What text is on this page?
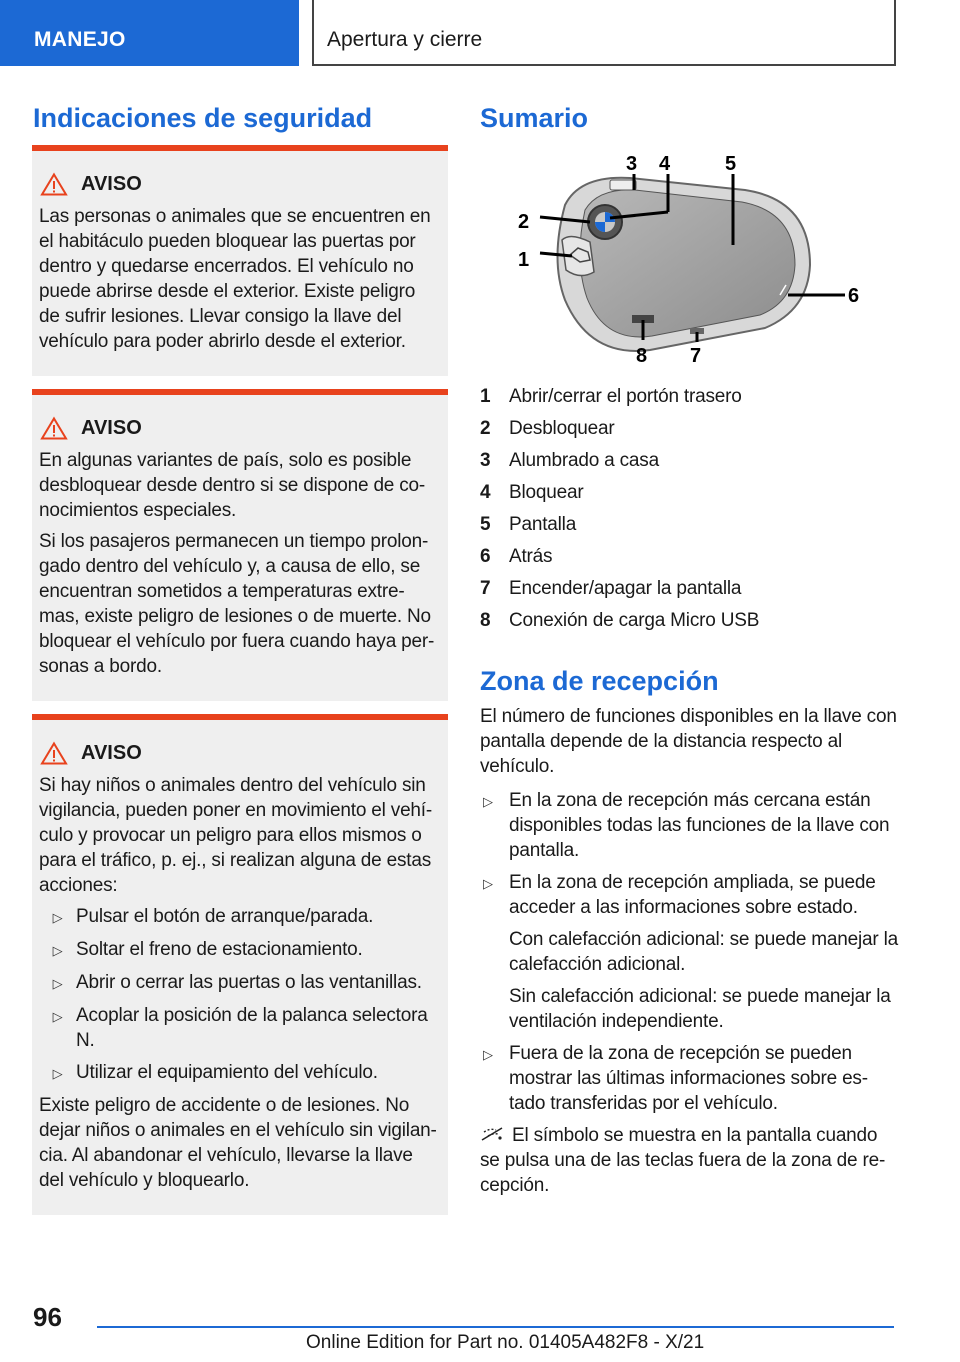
MANEJO	Apertura y cierre
Indicaciones de seguridad
AVISO

Las personas o animales que se encuentren en el habitáculo pueden bloquear las puertas por dentro y quedarse encerrados. El vehículo no puede abrirse desde el exterior. Existe peligro de sufrir lesiones. Llevar consigo la llave del vehículo para poder abrirlo desde el exterior.

AVISO

En algunas variantes de país, solo es posible desbloquear desde dentro si se dispone de co-nocimientos especiales.

Si los pasajeros permanecen un tiempo prolon-gado dentro del vehículo y, a causa de ello, se encuentran sometidos a temperaturas extre-mas, existe peligro de lesiones o de muerte. No bloquear el vehículo por fuera cuando haya per-sonas a bordo.

AVISO

Si hay niños o animales dentro del vehículo sin vigilancia, pueden poner en movimiento el vehí-culo y provocar un peligro para ellos mismos o para el tráfico, p. ej., si realizan alguna de estas acciones:

▷ Pulsar el botón de arranque/parada.
▷ Soltar el freno de estacionamiento.
▷ Abrir o cerrar las puertas o las ventanillas.
▷ Acoplar la posición de la palanca selectora N.
▷ Utilizar el equipamiento del vehículo.

Existe peligro de accidente o de lesiones. No dejar niños o animales en el vehículo sin vigilan-cia. Al abandonar el vehículo, llevarse la llave del vehículo y bloquearlo.

Sumario
1
2
3 4	5
6
7
8
1 Abrir/cerrar el portón trasero
2 Desbloquear
3 Alumbrado a casa
4 Bloquear
5 Pantalla
6 Atrás
7 Encender/apagar la pantalla
8 Conexión de carga Micro USB
Zona de recepción

El número de funciones disponibles en la llave con pantalla depende de la distancia respecto al vehículo.

▷ En la zona de recepción más cercana están disponibles todas las funciones de la llave con pantalla.
▷ En la zona de recepción ampliada, se puede acceder a las informaciones sobre estado.

Con calefacción adicional: se puede manejar la calefacción adicional.

Sin calefacción adicional: se puede manejar la ventilación independiente.

▷ Fuera de la zona de recepción se pueden mostrar las últimas informaciones sobre es-tado transferidas por el vehículo.

El símbolo se muestra en la pantalla cuando se pulsa una de las teclas fuera de la zona de re-cepción.

96
Online Edition for Part no. 01405A482F8 - X/21
